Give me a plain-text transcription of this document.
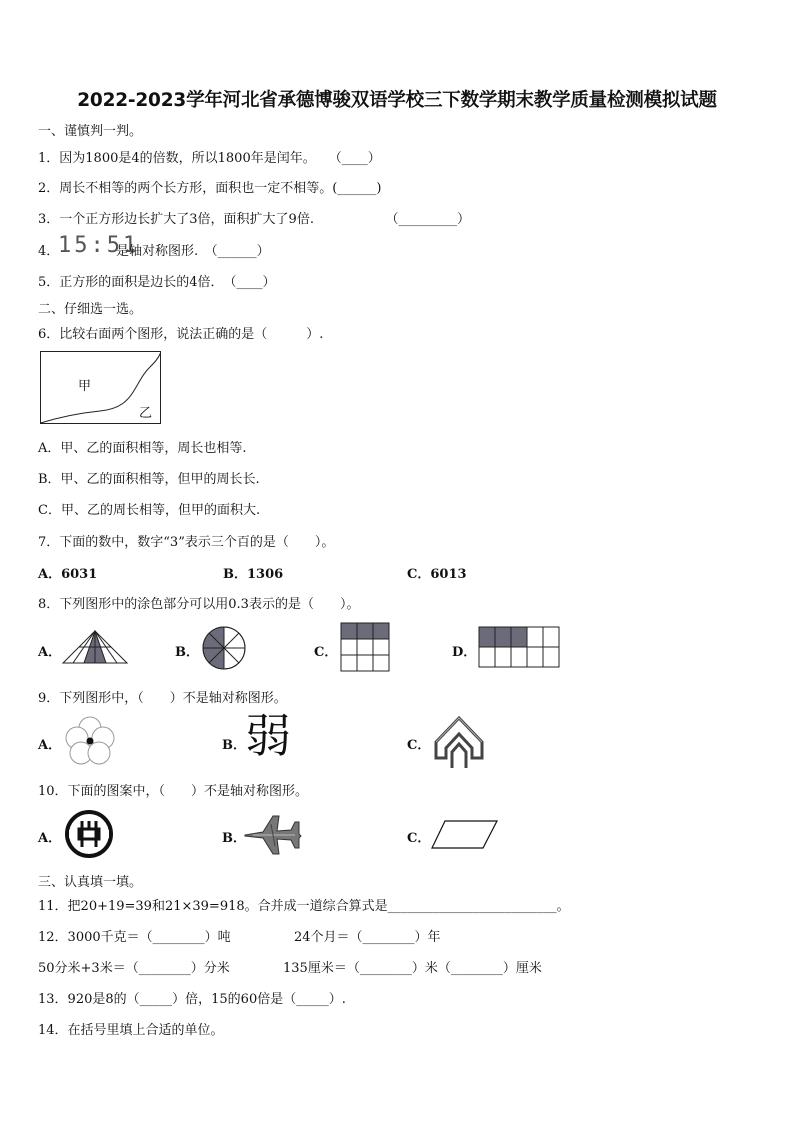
2022-2023学年河北省承德博骏双语学校三下数学期末教学质量检测模拟试题
一、谨慎判一判。
1．因为1800是4的倍数，所以1800年是闰年。　　（____）
2．周长不相等的两个长方形，面积也一定不相等。(______)
3．一个正方形边长扩大了3倍，面积扩大了9倍.　　　　　　（_________）
4．
15:51
是轴对称图形.　（______）
5．正方形的面积是边长的4倍．　（____）
二、仔细选一选。
6．比较右面两个图形，说法正确的是（　　　）.
甲
乙
A．甲、乙的面积相等，周长也相等.
B．甲、乙的面积相等，但甲的周长长.
C．甲、乙的周长相等，但甲的面积大.
7．下面的数中，数字“3”表示三个百的是（　　）。
A．6031	B．1306	C．6013
8．下列图形中的涂色部分可以用0.3表示的是（　　）。
A．	B．	C．	D．
9．下列图形中，（　　）不是轴对称图形。
A．	B． 弱	C．
10．下面的图案中，（　　）不是轴对称图形。
A．	B．	C．
三、认真填一填。
11．把20+19=39和21×39=918。合并成一道综合算式是__________________________。
12．3000千克＝（________）吨	24个月＝（________）年
50分米+3米＝（________）分米	135厘米＝（________）米（________）厘米
13．920是8的（_____）倍，15的60倍是（_____）.
14．在括号里填上合适的单位。
